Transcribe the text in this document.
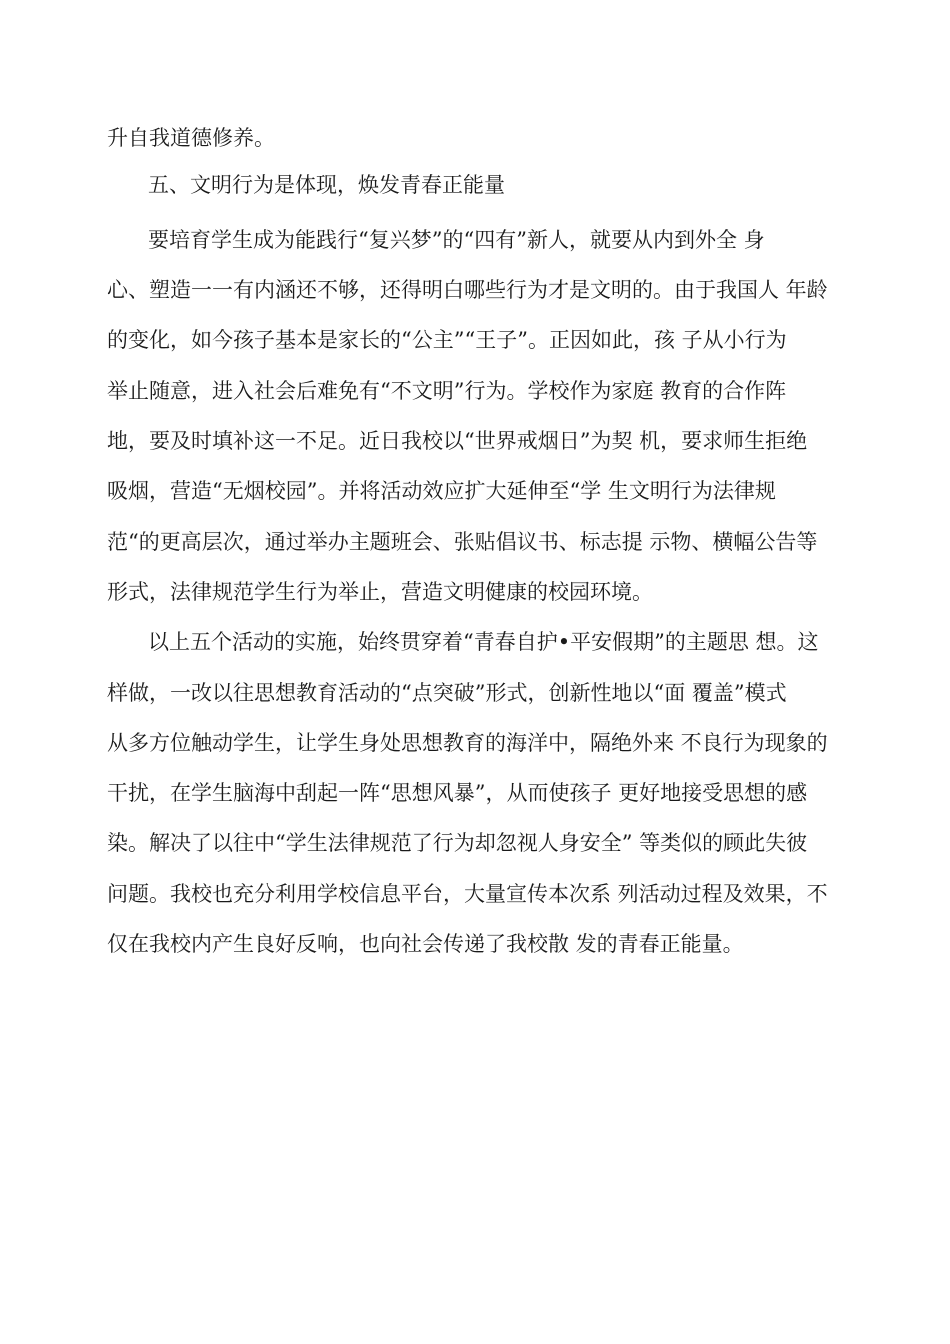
升自我道德修养。
五、文明行为是体现，焕发青春正能量
要培育学生成为能践行“复兴梦”的“四有”新人，就要从内到外全 身
心、塑造一一有内涵还不够，还得明白哪些行为才是文明的。由于我国人 年龄
的变化，如今孩子基本是家长的“公主”“王子”。正因如此，孩 子从小行为
举止随意，进入社会后难免有“不文明”行为。学校作为家庭 教育的合作阵
地，要及时填补这一不足。近日我校以“世界戒烟日”为契 机，要求师生拒绝
吸烟，营造“无烟校园”。并将活动效应扩大延伸至“学 生文明行为法律规
范“的更高层次，通过举办主题班会、张贴倡议书、标志提 示物、横幅公告等
形式，法律规范学生行为举止，营造文明健康的校园环境。
以上五个活动的实施，始终贯穿着“青春自护•平安假期”的主题思 想。这
样做，一改以往思想教育活动的“点突破”形式，创新性地以“面 覆盖”模式
从多方位触动学生，让学生身处思想教育的海洋中，隔绝外来 不良行为现象的
干扰，在学生脑海中刮起一阵“思想风暴”，从而使孩子 更好地接受思想的感
染。解决了以往中“学生法律规范了行为却忽视人身安全” 等类似的顾此失彼
问题。我校也充分利用学校信息平台，大量宣传本次系 列活动过程及效果，不
仅在我校内产生良好反响，也向社会传递了我校散 发的青春正能量。
